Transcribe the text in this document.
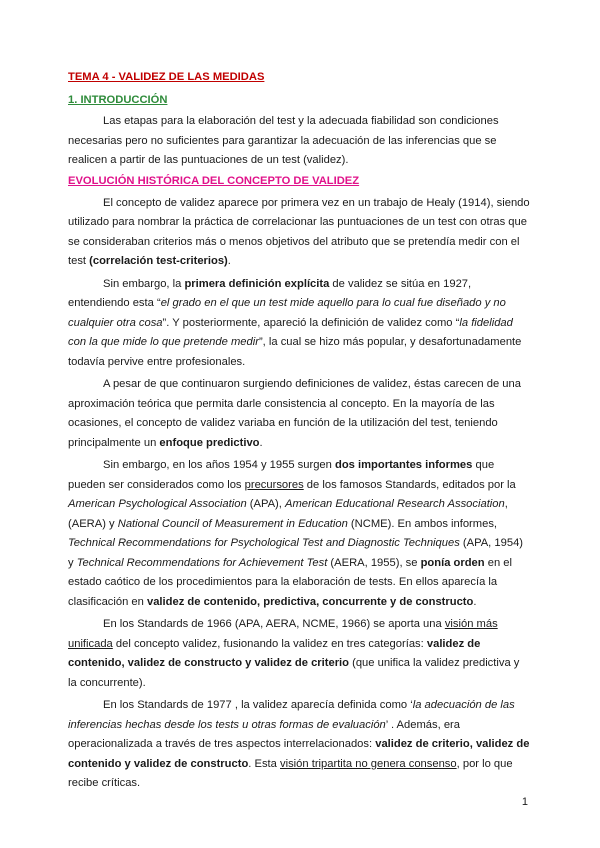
TEMA 4 - VALIDEZ DE LAS MEDIDAS

1. INTRODUCCIÓN

Las etapas para la elaboración del test y la adecuada fiabilidad son condiciones necesarias pero no suficientes para garantizar la adecuación de las inferencias que se realicen a partir de las puntuaciones de un test (validez).

EVOLUCIÓN HISTÓRICA DEL CONCEPTO DE VALIDEZ

El concepto de validez aparece por primera vez en un trabajo de Healy (1914), siendo utilizado para nombrar la práctica de correlacionar las puntuaciones de un test con otras que se consideraban criterios más o menos objetivos del atributo que se pretendía medir con el test (correlación test-criterios).

Sin embargo, la primera definición explícita de validez se sitúa en 1927, entendiendo esta “el grado en el que un test mide aquello para lo cual fue diseñado y no cualquier otra cosa”. Y posteriormente, apareció la definición de validez como “la fidelidad con la que mide lo que pretende medir”, la cual se hizo más popular, y desafortunadamente todavía pervive entre profesionales.

A pesar de que continuaron surgiendo definiciones de validez, éstas carecen de una aproximación teórica que permita darle consistencia al concepto. En la mayoría de las ocasiones, el concepto de validez variaba en función de la utilización del test, teniendo principalmente un enfoque predictivo.

Sin embargo, en los años 1954 y 1955 surgen dos importantes informes que pueden ser considerados como los precursores de los famosos Standards, editados por la American Psychological Association (APA), American Educational Research Association, (AERA) y National Council of Measurement in Education (NCME). En ambos informes, Technical Recommendations for Psychological Test and Diagnostic Techniques (APA, 1954) y Technical Recommendations for Achievement Test (AERA, 1955), se ponía orden en el estado caótico de los procedimientos para la elaboración de tests. En ellos aparecía la clasificación en validez de contenido, predictiva, concurrente y de constructo.

En los Standards de 1966 (APA, AERA, NCME, 1966) se aporta una visión más unificada del concepto validez, fusionando la validez en tres categorías: validez de contenido, validez de constructo y validez de criterio (que unifica la validez predictiva y la concurrente).

En los Standards de 1977 , la validez aparecía definida como ‘la adecuación de las inferencias hechas desde los tests u otras formas de evaluación’ . Además, era operacionalizada a través de tres aspectos interrelacionados: validez de criterio, validez de contenido y validez de constructo. Esta visión tripartita no genera consenso, por lo que recibe críticas.

1
